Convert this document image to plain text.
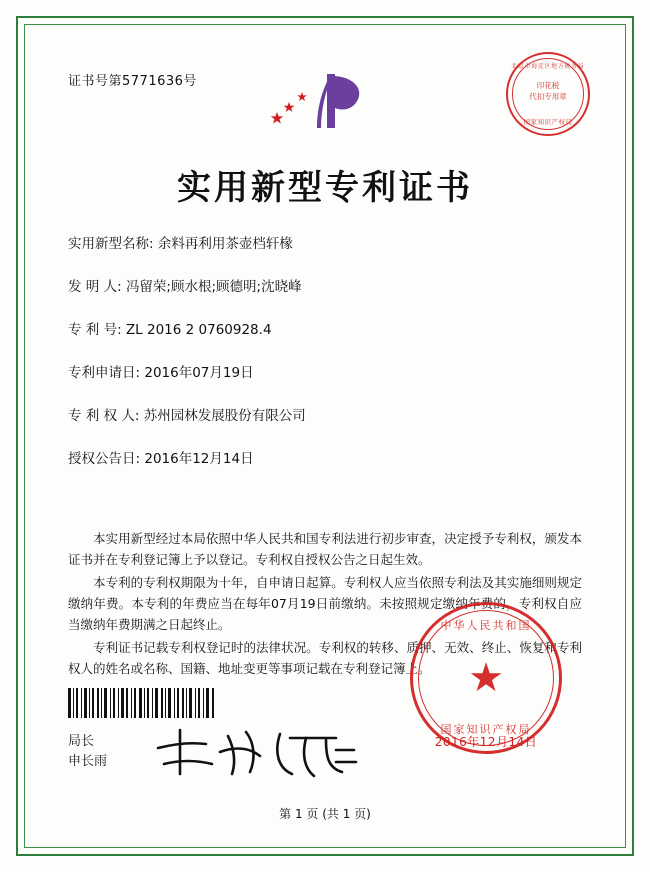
证书号第5771636号
北京市海淀区地方税务局
印花税
代扣专用章
国家知识产权局
实用新型专利证书
实用新型名称: 余料再利用茶壶档轩椽
发 明 人: 冯留荣;顾水根;顾德明;沈晓峰
专 利 号: ZL 2016 2 0760928.4
专利申请日: 2016年07月19日
专 利 权 人: 苏州园林发展股份有限公司
授权公告日: 2016年12月14日

本实用新型经过本局依照中华人民共和国专利法进行初步审查，决定授予专利权，颁发本证书并在专利登记簿上予以登记。专利权自授权公告之日起生效。

本专利的专利权期限为十年，自申请日起算。专利权人应当依照专利法及其实施细则规定缴纳年费。本专利的年费应当在每年07月19日前缴纳。未按照规定缴纳年费的，专利权自应当缴纳年费期满之日起终止。

专利证书记载专利权登记时的法律状况。专利权的转移、质押、无效、终止、恢复和专利权人的姓名或名称、国籍、地址变更等事项记载在专利登记簿上。

局长
申长雨
中华人民共和国
★
国家知识产权局
2016年12月14日
第 1 页 (共 1 页)
